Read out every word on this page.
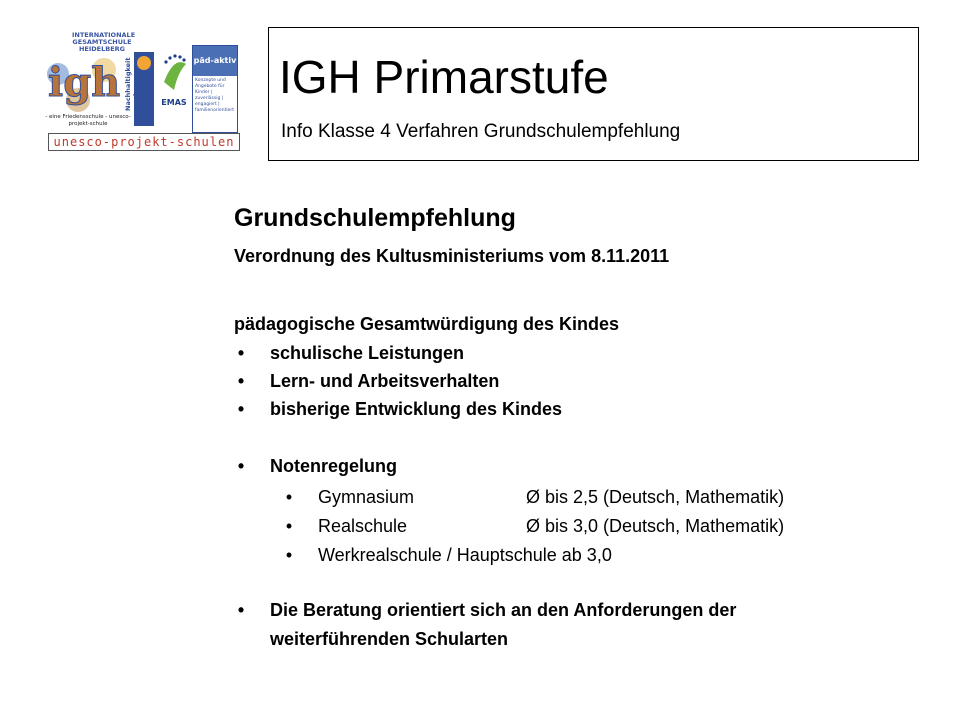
INTERNATIONALE GESAMTSCHULE HEIDELBERG
igh
- eine Friedensschule - unesco-projekt-schule
Nachhaltigkeit	EMAS
päd-aktiv
Konzepte und Angebote für Kinder | zuverlässig | engagiert | familienorientiert
unesco-projekt-schulen
IGH Primarstufe
Info Klasse 4 Verfahren Grundschulempfehlung
Grundschulempfehlung
Verordnung des Kultusministeriums vom 8.11.2011
pädagogische Gesamtwürdigung des Kindes
• schulische Leistungen
• Lern- und Arbeitsverhalten
• bisherige Entwicklung des Kindes
• Notenregelung
• Gymnasium	Ø bis 2,5 (Deutsch, Mathematik)
• Realschule	Ø bis 3,0 (Deutsch, Mathematik)
• Werkrealschule / Hauptschule ab 3,0
• Die Beratung orientiert sich an den Anforderungen der
weiterführenden Schularten
